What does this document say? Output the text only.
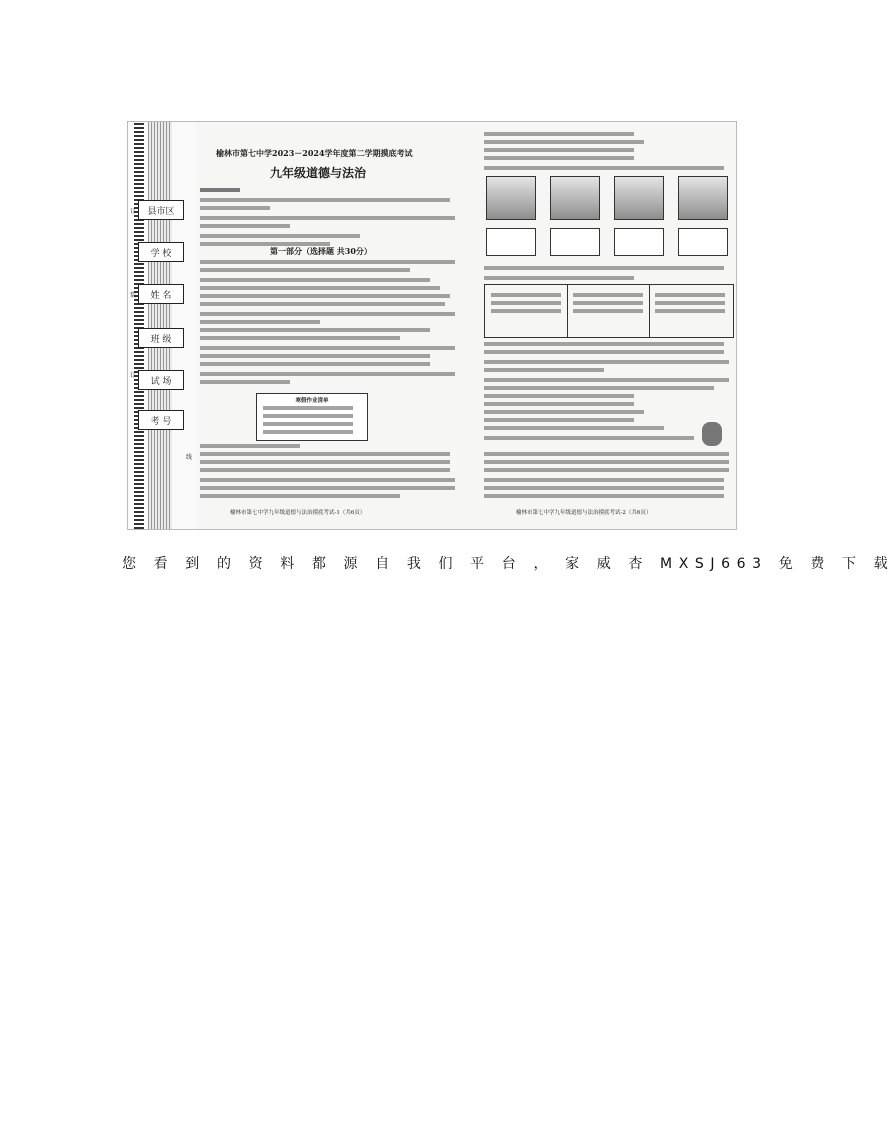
县市区
学 校
姓 名
班 级
试 场
考 号
订
装
订
线
榆林市第七中学2023－2024学年度第二学期摸底考试
九年级道德与法治
第一部分（选择题 共30分）
寒假作业清单
榆林市第七中学九年级道德与法治摸底考试-1（共6页）	榆林市第七中学九年级道德与法治摸底考试-2（共6页）
您 看 到 的 资 料 都 源 自 我 们 平 台 ， 家 威 杏 MXSJ663 免 费 下 载
